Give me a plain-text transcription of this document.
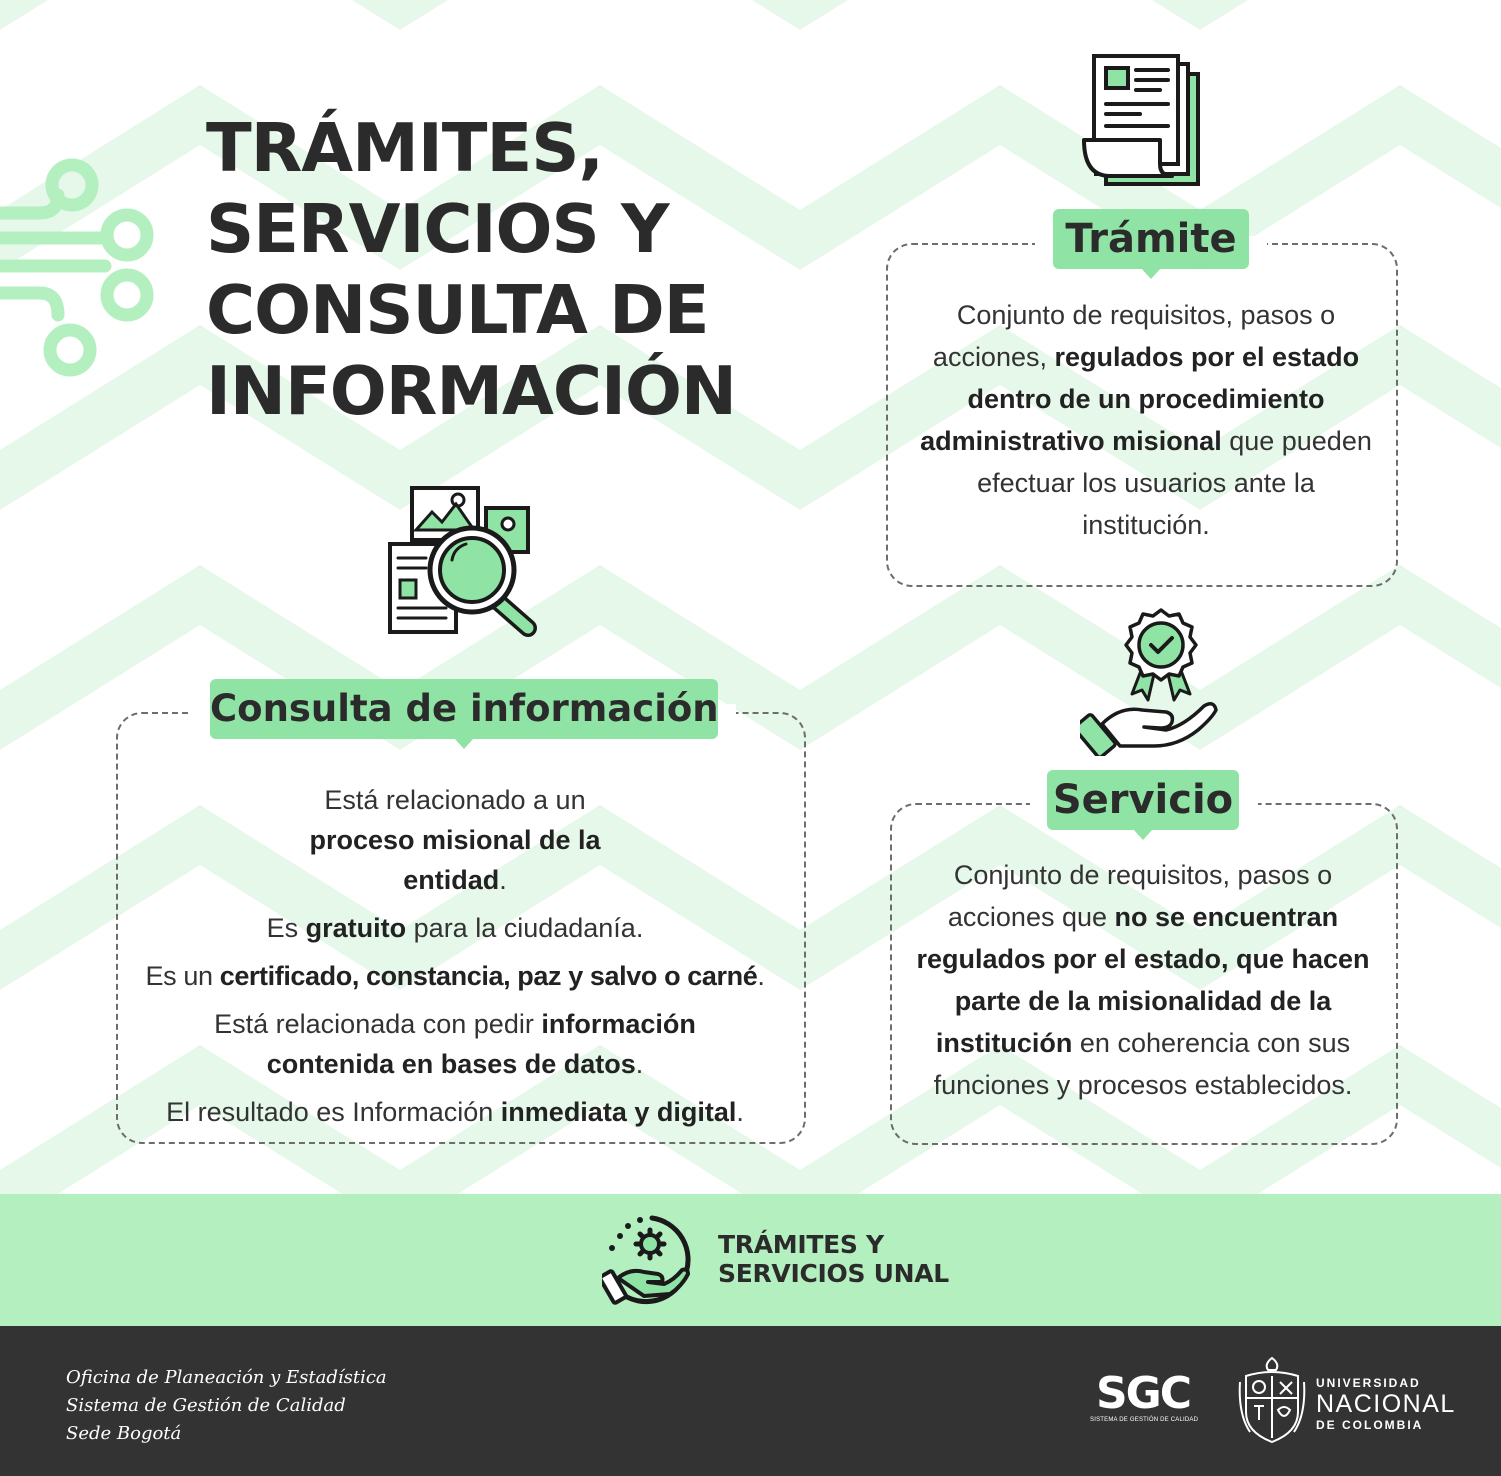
TRÁMITES,
SERVICIOS Y
CONSULTA DE
INFORMACIÓN
Trámite
Conjunto de requisitos, pasos o acciones, regulados por el estado dentro de un procedimiento administrativo misional que pueden efectuar los usuarios ante la institución.
Consulta de información

Está relacionado a un proceso misional de la entidad.

Es gratuito para la ciudadanía.

Es un certificado, constancia, paz y salvo o carné.

Está relacionada con pedir información contenida en bases de datos.

El resultado es Información inmediata y digital.

Servicio
Conjunto de requisitos, pasos o acciones que no se encuentran regulados por el estado, que hacen parte de la misionalidad de la institución en coherencia con sus funciones y procesos establecidos.
TRÁMITES Y
SERVICIOS UNAL
Oficina de Planeación y Estadística
Sistema de Gestión de Calidad
Sede Bogotá
SGC
SISTEMA DE GESTIÓN DE CALIDAD
UNIVERSIDAD
NACIONAL
DE COLOMBIA
